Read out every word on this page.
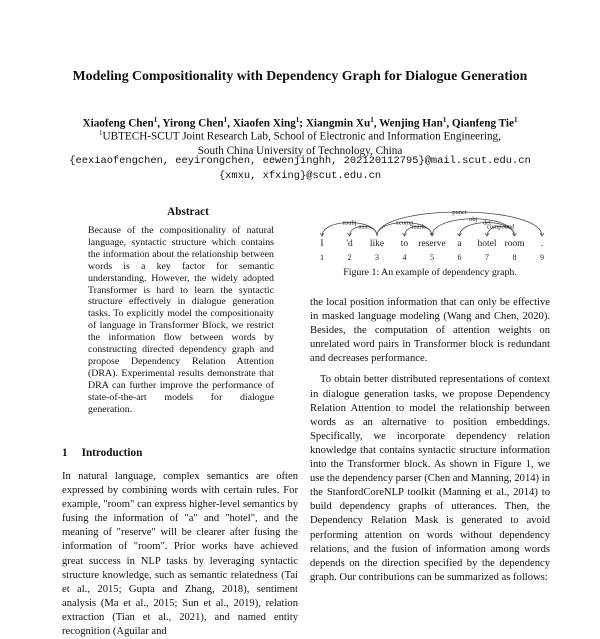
Modeling Compositionality with Dependency Graph for Dialogue Generation
Xiaofeng Chen$^1$, Yirong Chen$^1$, Xiaofen Xing$^1$; Xiangmin Xu$^1$, Wenjing Han$^1$, Qianfeng Tie$^1$
$^1$UBTECH-SCUT Joint Research Lab, School of Electronic and Information Engineering,
South China University of Technology, China
{eexiaofengchen, eeyirongchen, eewenjinghh, 202120112795}@mail.scut.edu.cn
{xmxu, xfxing}@scut.edu.cn
Abstract
Because of the compositionality of natural language, syntactic structure which contains the information about the relationship between words is a key factor for semantic understanding. However, the widely adopted Transformer is hard to learn the syntactic structure effectively in dialogue generation tasks. To explicitly model the compositionaity of language in Transformer Block, we restrict the information flow between words by constructing directed dependency graph and propose Dependency Relation Attention (DRA). Experimental results demonstrate that DRA can further improve the performance of state-of-the-art models for dialogue generation.
1 Introduction

In natural language, complex semantics are often expressed by combining words with certain rules. For example, "room" can express higher-level semantics by fusing the information of "a" and "hotel", and the meaning of "reserve" will be clearer after fusing the information of "room". Prior works have achieved great success in NLP tasks by leveraging syntactic structure knowledge, such as semantic relatedness (Tai et al., 2015; Gupta and Zhang, 2018), sentiment analysis (Ma et al., 2015; Sun et al., 2019), relation extraction (Tian et al., 2021), and named entity recognition (Aguilar and

I
1
'd
2
like
3
to
4
reserve
5
a
6
hotel
7
room
8
.
9
nsubj
aux
xcomp
mark
obj
det
compound
punct
Figure 1: An example of dependency graph.

the local position information that can only be effective in masked language modeling (Wang and Chen, 2020). Besides, the computation of attention weights on unrelated word pairs in Transformer block is redundant and decreases performance.

To obtain better distributed representations of context in dialogue generation tasks, we propose Dependency Relation Attention to model the relationship between words as an alternative to position embeddings. Specifically, we incorporate dependency relation knowledge that contains syntactic structure information into the Transformer block. As shown in Figure 1, we use the dependency parser (Chen and Manning, 2014) in the StanfordCoreNLP toolkit (Manning et al., 2014) to build dependency graphs of utterances. Then, the Dependency Relation Mask is generated to avoid performing attention on words without dependency relations, and the fusion of information among words depends on the direction specified by the dependency graph. Our contributions can be summarized as follows:
